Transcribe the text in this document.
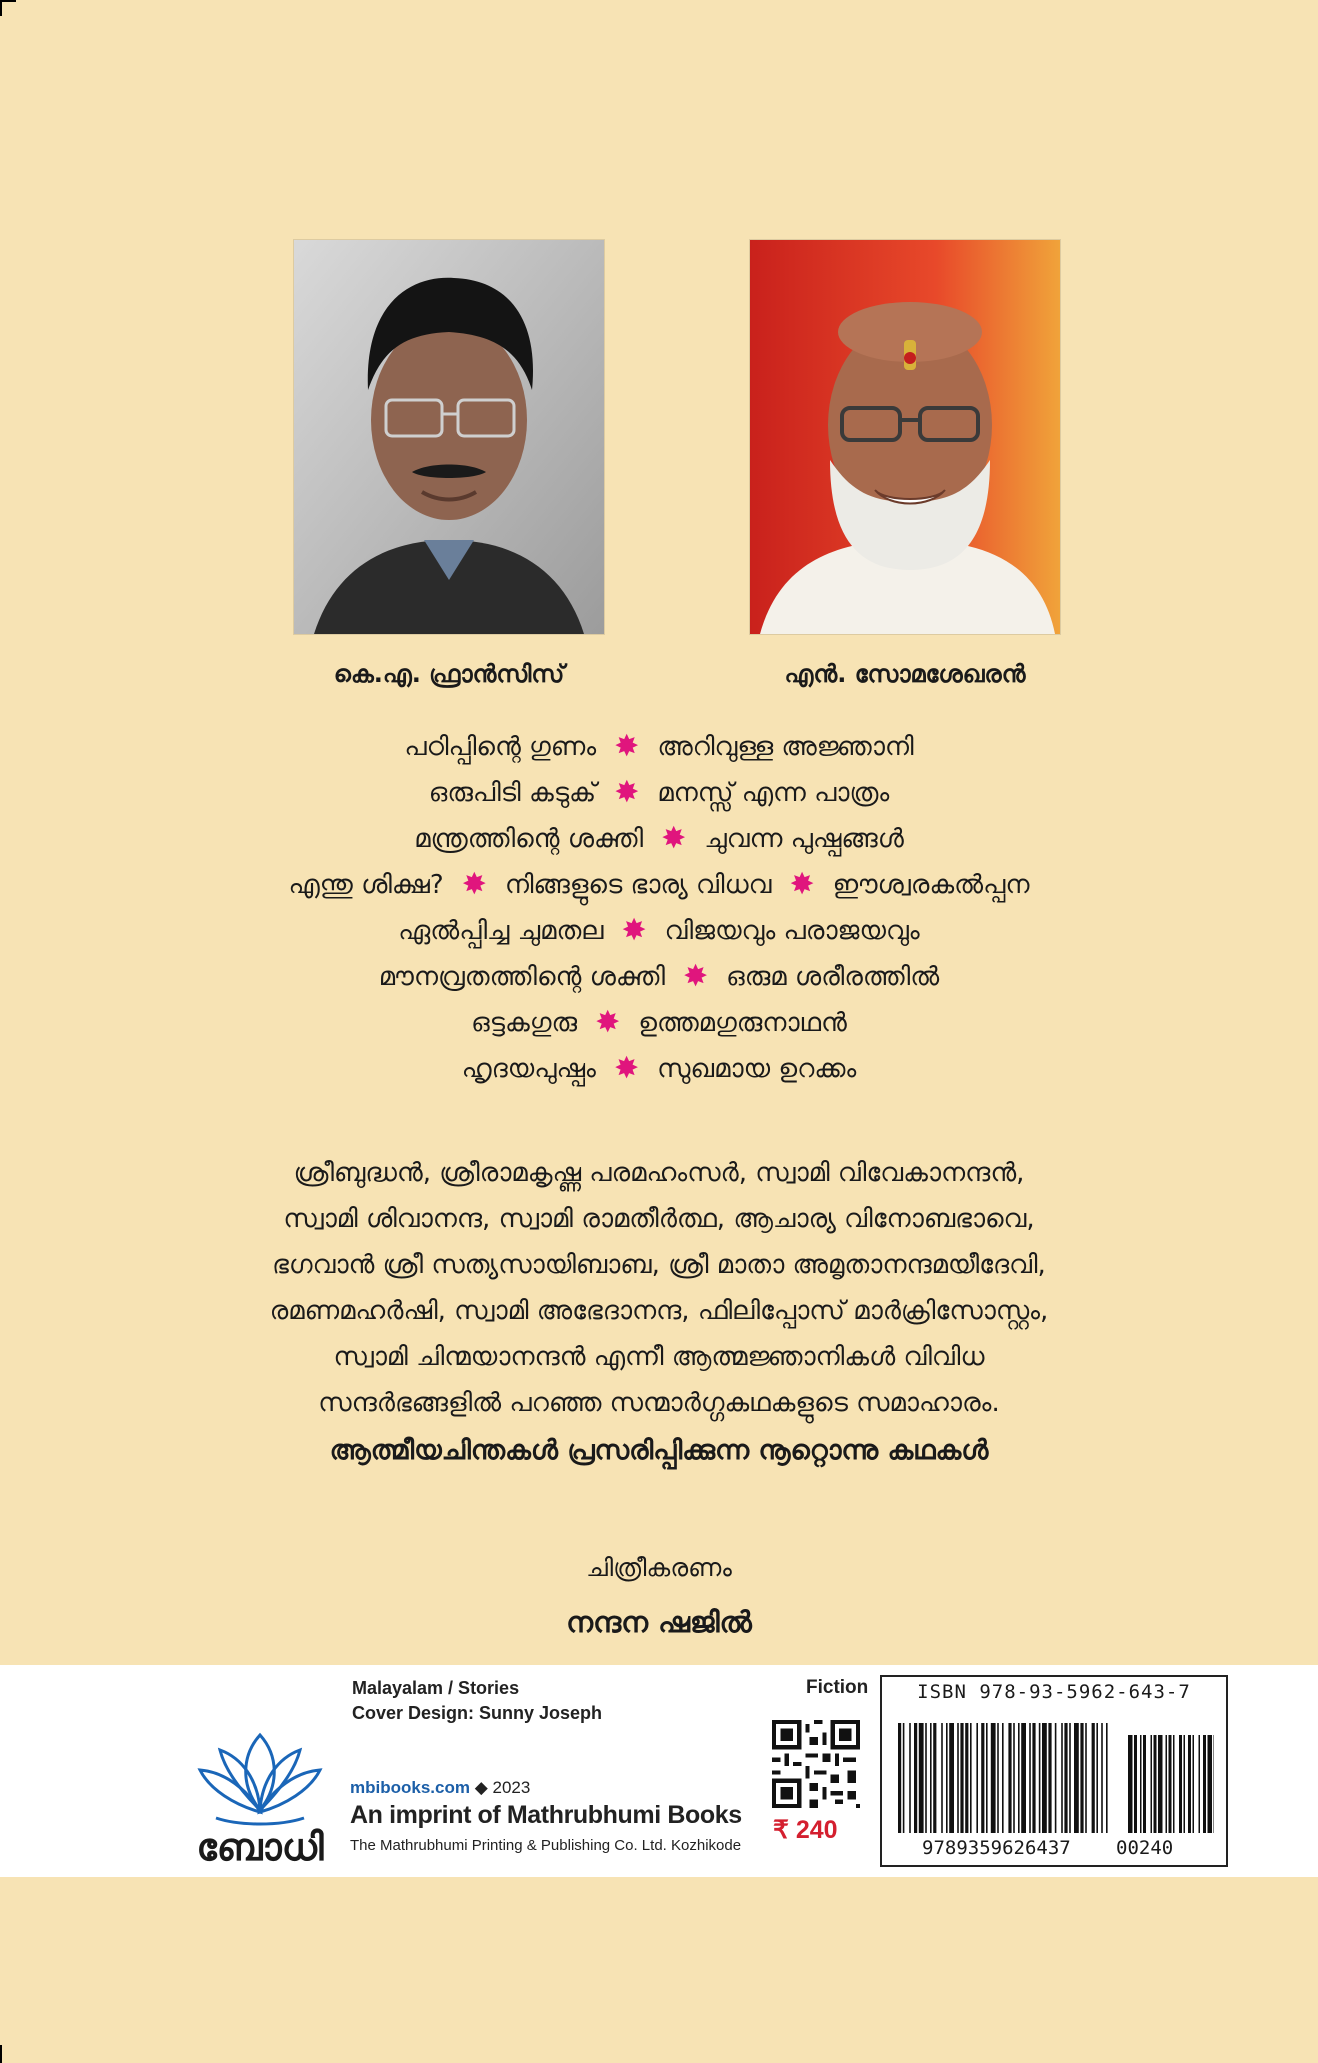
കെ.എ. ഫ്രാൻസിസ്	എൻ. സോമശേഖരൻ
പഠിപ്പിന്റെ ഗുണം ✸ അറിവുള്ള അജ്ഞാനി
ഒരുപിടി കടുക് ✸ മനസ്സ് എന്ന പാത്രം
മന്ത്രത്തിന്റെ ശക്തി ✸ ചുവന്ന പുഷ്പങ്ങൾ
എന്തു ശിക്ഷ? ✸ നിങ്ങളുടെ ഭാര്യ വിധവ ✸ ഈശ്വരകൽപ്പന
ഏൽപ്പിച്ച ചുമതല ✸ വിജയവും പരാജയവും
മൗനവ്രതത്തിന്റെ ശക്തി ✸ ഒരുമ ശരീരത്തിൽ
ഒട്ടകഗുരു ✸ ഉത്തമഗുരുനാഥൻ
ഹൃദയപുഷ്പം ✸ സുഖമായ ഉറക്കം
ശ്രീബുദ്ധൻ, ശ്രീരാമകൃഷ്ണ പരമഹംസർ, സ്വാമി വിവേകാനന്ദൻ,
സ്വാമി ശിവാനന്ദ, സ്വാമി രാമതീർത്ഥ, ആചാര്യ വിനോബഭാവെ,
ഭഗവാൻ ശ്രീ സത്യസായിബാബ, ശ്രീ മാതാ അമൃതാനന്ദമയീദേവി,
രമണമഹർഷി, സ്വാമി അഭേദാനന്ദ, ഫിലിപ്പോസ് മാർക്രിസോസ്റ്റം,
സ്വാമി ചിന്മയാനന്ദൻ എന്നീ ആത്മജ്ഞാനികൾ വിവിധ
സന്ദർഭങ്ങളിൽ പറഞ്ഞ സന്മാർഗ്ഗകഥകളുടെ സമാഹാരം.
ആത്മീയചിന്തകൾ പ്രസരിപ്പിക്കുന്ന നൂറ്റൊന്നു കഥകൾ
ചിത്രീകരണം
നന്ദന ഷജിൽ
ബോധി
Malayalam / Stories
Cover Design: Sunny Joseph
Fiction
mbibooks.com ◆ 2023
An imprint of Mathrubhumi Books
The Mathrubhumi Printing & Publishing Co. Ltd. Kozhikode
₹ 240
ISBN 978-93-5962-643-7
9789359626437 00240
